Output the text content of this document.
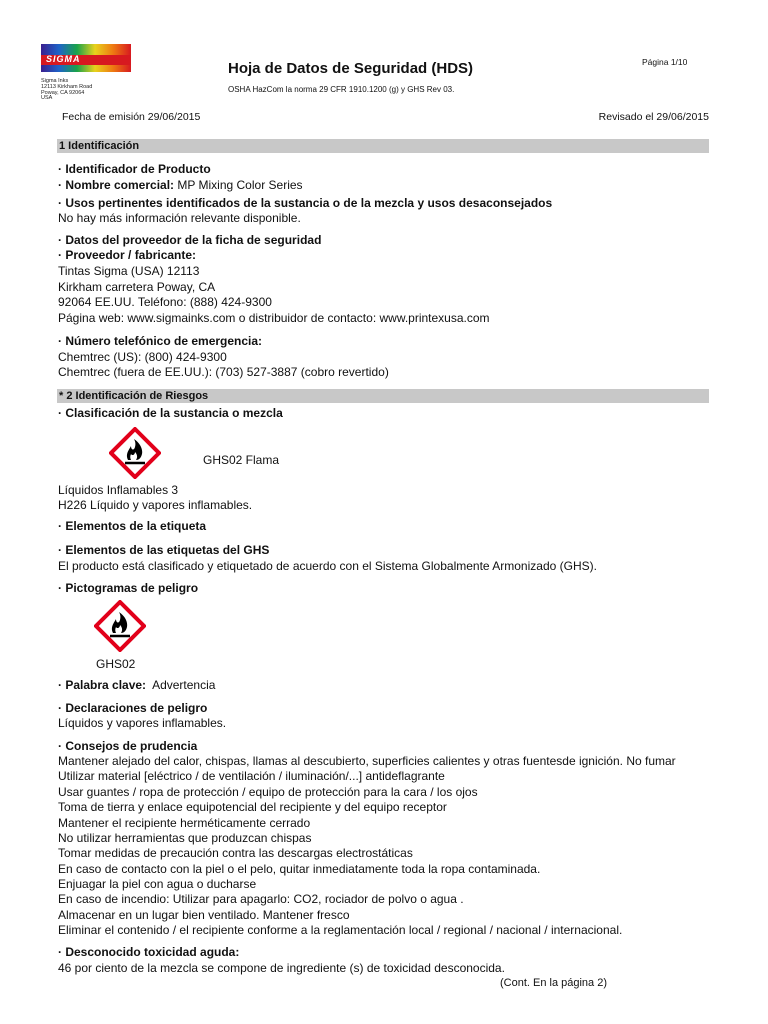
SIGMA
Sigma Inks
12113 Kirkham Road
Poway, CA 92064
USA
Hoja de Datos de Seguridad (HDS)
OSHA HazCom la norma 29 CFR 1910.1200 (g) y GHS Rev 03.
Página 1/10
Fecha de emisión 29/06/2015	Revisado el 29/06/2015
1 Identificación
· Identificador de Producto
· Nombre comercial: MP Mixing Color Series
· Usos pertinentes identificados de la sustancia o de la mezcla y usos desaconsejados
No hay más información relevante disponible.
· Datos del proveedor de la ficha de seguridad
· Proveedor / fabricante:
Tintas Sigma (USA) 12113
Kirkham carretera Poway, CA
92064 EE.UU. Teléfono: (888) 424-9300
Página web: www.sigmainks.com o distribuidor de contacto: www.printexusa.com
· Número telefónico de emergencia:
Chemtrec (US): (800) 424-9300
Chemtrec (fuera de EE.UU.): (703) 527-3887 (cobro revertido)
* 2 Identificación de Riesgos
· Clasificación de la sustancia o mezcla
GHS02 Flama
Líquidos Inflamables 3
H226 Líquido y vapores inflamables.
· Elementos de la etiqueta
· Elementos de las etiquetas del GHS
El producto está clasificado y etiquetado de acuerdo con el Sistema Globalmente Armonizado (GHS).
· Pictogramas de peligro
GHS02
· Palabra clave:  Advertencia
· Declaraciones de peligro
Líquidos y vapores inflamables.
· Consejos de prudencia
Mantener alejado del calor, chispas, llamas al descubierto, superficies calientes y otras fuentesde ignición. No fumar
Utilizar material [eléctrico / de ventilación / iluminación/...] antideflagrante
Usar guantes / ropa de protección / equipo de protección para la cara / los ojos
Toma de tierra y enlace equipotencial del recipiente y del equipo receptor
Mantener el recipiente herméticamente cerrado
No utilizar herramientas que produzcan chispas
Tomar medidas de precaución contra las descargas electrostáticas
En caso de contacto con la piel o el pelo, quitar inmediatamente toda la ropa contaminada.
Enjuagar la piel con agua o ducharse
En caso de incendio: Utilizar para apagarlo: CO2, rociador de polvo o agua .
Almacenar en un lugar bien ventilado. Mantener fresco
Eliminar el contenido / el recipiente conforme a la reglamentación local / regional / nacional / internacional.
· Desconocido toxicidad aguda:
46 por ciento de la mezcla se compone de ingrediente (s) de toxicidad desconocida.
(Cont. En la página 2)
